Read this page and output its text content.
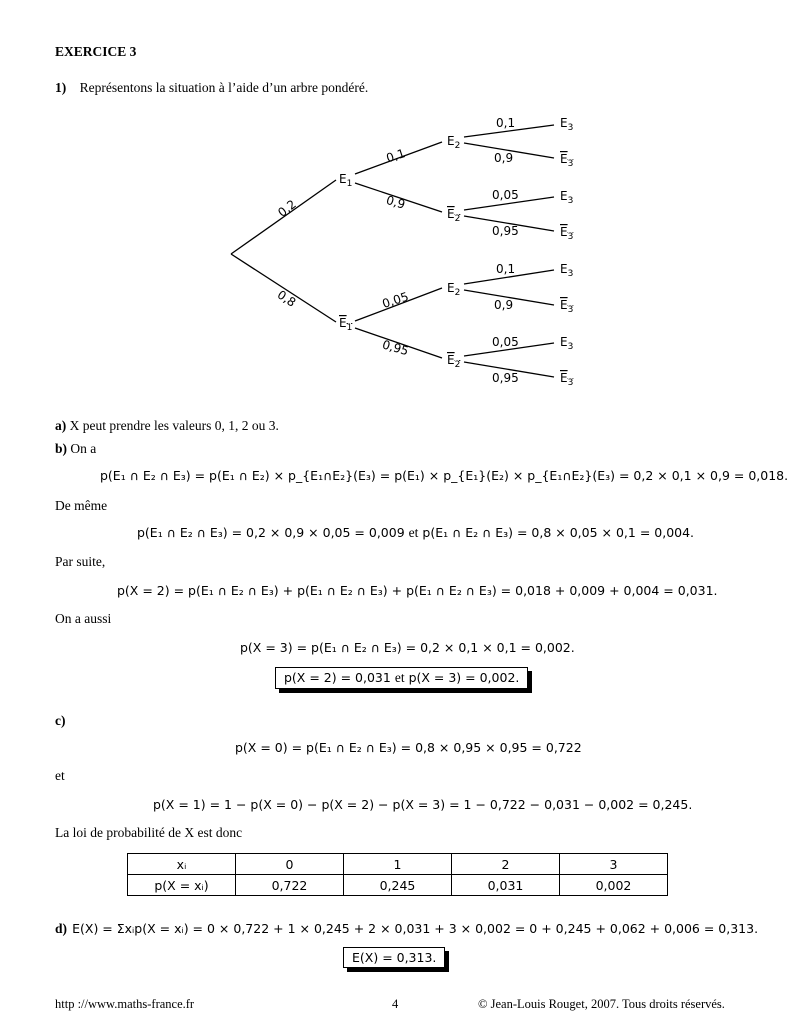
EXERCICE 3
1) Représentons la situation à l’aide d’un arbre pondéré.
0,2
0,8
$E_1$
$E_1$
0,1
0,9
0,05
0,95
$E_2$
$E_2$
$E_2$
$E_2$
0,1
0,9
0,05
0,95
0,1
0,9
0,05
0,95
$E_3$
$E_3$
$E_3$
$E_3$
$E_3$
$E_3$
$E_3$
$E_3$
a) X peut prendre les valeurs 0, 1, 2 ou 3.
b) On a
p(E₁ ∩ E₂ ∩ E₃) = p(E₁ ∩ E₂) × p_{E₁∩E₂}(E₃) = p(E₁) × p_{E₁}(E₂) × p_{E₁∩E₂}(E₃) = 0,2 × 0,1 × 0,9 = 0,018.
De même
p(E₁ ∩ E₂ ∩ E₃) = 0,2 × 0,9 × 0,05 = 0,009 et p(E₁ ∩ E₂ ∩ E₃) = 0,8 × 0,05 × 0,1 = 0,004.
Par suite,
p(X = 2) = p(E₁ ∩ E₂ ∩ E₃) + p(E₁ ∩ E₂ ∩ E₃) + p(E₁ ∩ E₂ ∩ E₃) = 0,018 + 0,009 + 0,004 = 0,031.
On a aussi
p(X = 3) = p(E₁ ∩ E₂ ∩ E₃) = 0,2 × 0,1 × 0,1 = 0,002.
p(X = 2) = 0,031 et p(X = 3) = 0,002.
c)
p(X = 0) = p(E₁ ∩ E₂ ∩ E₃) = 0,8 × 0,95 × 0,95 = 0,722
et
p(X = 1) = 1 − p(X = 0) − p(X = 2) − p(X = 3) = 1 − 0,722 − 0,031 − 0,002 = 0,245.
La loi de probabilité de X est donc
xᵢ	0	1	2	3
p(X = xᵢ)	0,722	0,245	0,031	0,002
d) E(X) = Σxᵢp(X = xᵢ) = 0 × 0,722 + 1 × 0,245 + 2 × 0,031 + 3 × 0,002 = 0 + 0,245 + 0,062 + 0,006 = 0,313.
E(X) = 0,313.
http ://www.maths-france.fr	4	© Jean-Louis Rouget, 2007. Tous droits réservés.
